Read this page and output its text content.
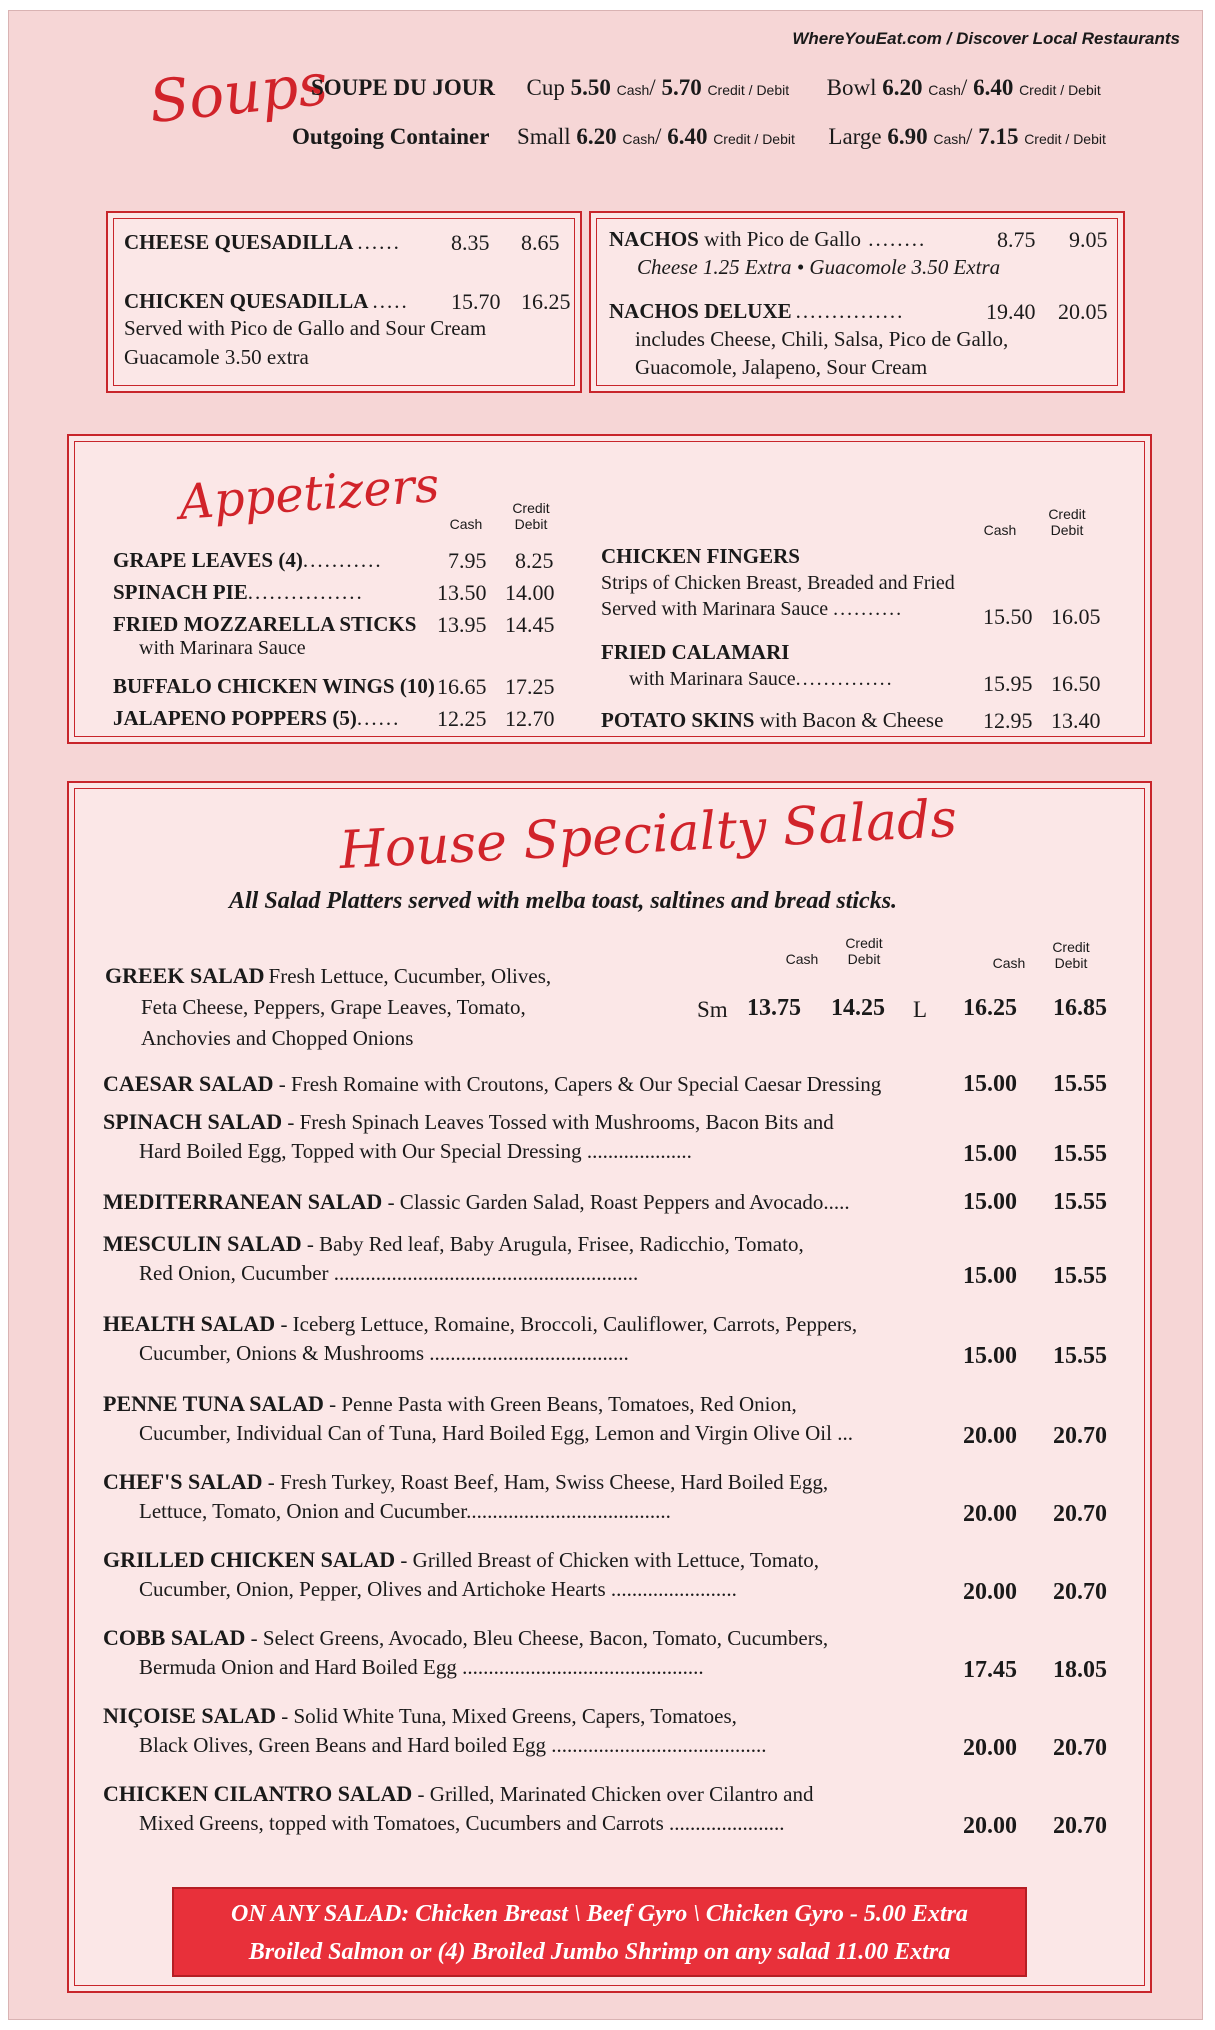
WhereYouEat.com / Discover Local Restaurants
Soups
SOUPE DU JOUR Cup 5.50 Cash/ 5.70 Credit / Debit Bowl 6.20 Cash/ 6.40 Credit / Debit
Outgoing Container Small 6.20 Cash/ 6.40 Credit / Debit Large 6.90 Cash/ 7.15 Credit / Debit
CHEESE QUESADILLA ...... 8.35 8.65
CHICKEN QUESADILLA ..... 15.70 16.25
Served with Pico de Gallo and Sour Cream
Guacamole 3.50 extra
NACHOS with Pico de Gallo ........	8.75 9.05
Cheese 1.25 Extra • Guacomole 3.50 Extra
NACHOS DELUXE ...............	19.40 20.05
includes Cheese, Chili, Salsa, Pico de Gallo,
Guacomole, Jalapeno, Sour Cream
Appetizers Cash
Credit
Debit
GRAPE LEAVES (4)...........	7.95 8.25
SPINACH PIE................	13.50 14.00
FRIED MOZZARELLA STICKS 13.95 14.45
with Marinara Sauce
BUFFALO CHICKEN WINGS (10) 16.65 17.25
JALAPENO POPPERS (5)...... 12.25 12.70
Cash
Credit
Debit
CHICKEN FINGERS
Strips of Chicken Breast, Breaded and Fried
Served with Marinara Sauce ..........	15.50 16.05
FRIED CALAMARI
with Marinara Sauce..............	15.95 16.50
POTATO SKINS with Bacon & Cheese 12.95 13.40
House Specialty Salads
All Salad Platters served with melba toast, saltines and bread sticks.
Cash
Credit
Debit	Cash
Credit
Debit
GREEK SALAD Fresh Lettuce, Cucumber, Olives,
Feta Cheese, Peppers, Grape Leaves, Tomato,
Anchovies and Chopped Onions
Sm 13.75 14.25 L 16.25 16.85
CAESAR SALAD - Fresh Romaine with Croutons, Capers & Our Special Caesar Dressing	15.00 15.55
SPINACH SALAD - Fresh Spinach Leaves Tossed with Mushrooms, Bacon Bits and
Hard Boiled Egg, Topped with Our Special Dressing ....................	15.00 15.55
MEDITERRANEAN SALAD - Classic Garden Salad, Roast Peppers and Avocado.....	15.00 15.55
MESCULIN SALAD - Baby Red leaf, Baby Arugula, Frisee, Radicchio, Tomato,
Red Onion, Cucumber ..........................................................	15.00 15.55
HEALTH SALAD - Iceberg Lettuce, Romaine, Broccoli, Cauliflower, Carrots, Peppers,
Cucumber, Onions & Mushrooms ......................................	15.00 15.55
PENNE TUNA SALAD - Penne Pasta with Green Beans, Tomatoes, Red Onion,
Cucumber, Individual Can of Tuna, Hard Boiled Egg, Lemon and Virgin Olive Oil ...	20.00 20.70
CHEF'S SALAD - Fresh Turkey, Roast Beef, Ham, Swiss Cheese, Hard Boiled Egg,
Lettuce, Tomato, Onion and Cucumber.......................................	20.00 20.70
GRILLED CHICKEN SALAD - Grilled Breast of Chicken with Lettuce, Tomato,
Cucumber, Onion, Pepper, Olives and Artichoke Hearts ........................	20.00 20.70
COBB SALAD - Select Greens, Avocado, Bleu Cheese, Bacon, Tomato, Cucumbers,
Bermuda Onion and Hard Boiled Egg ..............................................	17.45 18.05
NIÇOISE SALAD - Solid White Tuna, Mixed Greens, Capers, Tomatoes,
Black Olives, Green Beans and Hard boiled Egg .........................................	20.00 20.70
CHICKEN CILANTRO SALAD - Grilled, Marinated Chicken over Cilantro and
Mixed Greens, topped with Tomatoes, Cucumbers and Carrots ......................	20.00 20.70
ON ANY SALAD: Chicken Breast \ Beef Gyro \ Chicken Gyro - 5.00 Extra
Broiled Salmon or (4) Broiled Jumbo Shrimp on any salad 11.00 Extra
